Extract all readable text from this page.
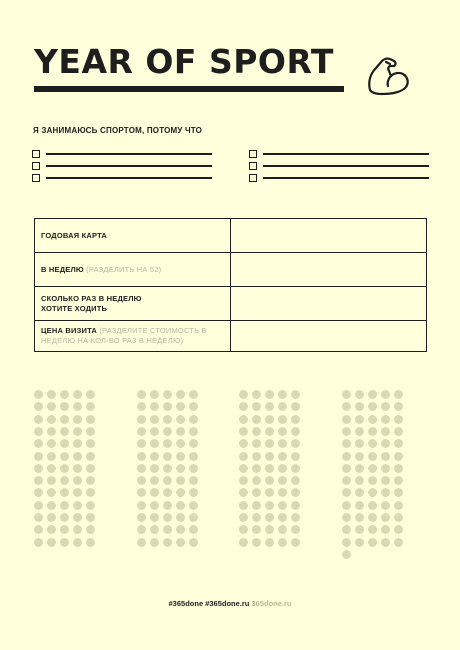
YEAR OF SPORT
Я ЗАНИМАЮСЬ СПОРТОМ, ПОТОМУ ЧТО
ГОДОВАЯ КАРТА
В НЕДЕЛЮ (РАЗДЕЛИТЬ НА 52)
СКОЛЬКО РАЗ В НЕДЕЛЮ ХОТИТЕ ХОДИТЬ
ЦЕНА ВИЗИТА (РАЗДЕЛИТЕ СТОИМОСТЬ В НЕДЕЛЮ НА КОЛ-ВО РАЗ В НЕДЕЛЮ)
#365done #365done.ru 365done.ru
